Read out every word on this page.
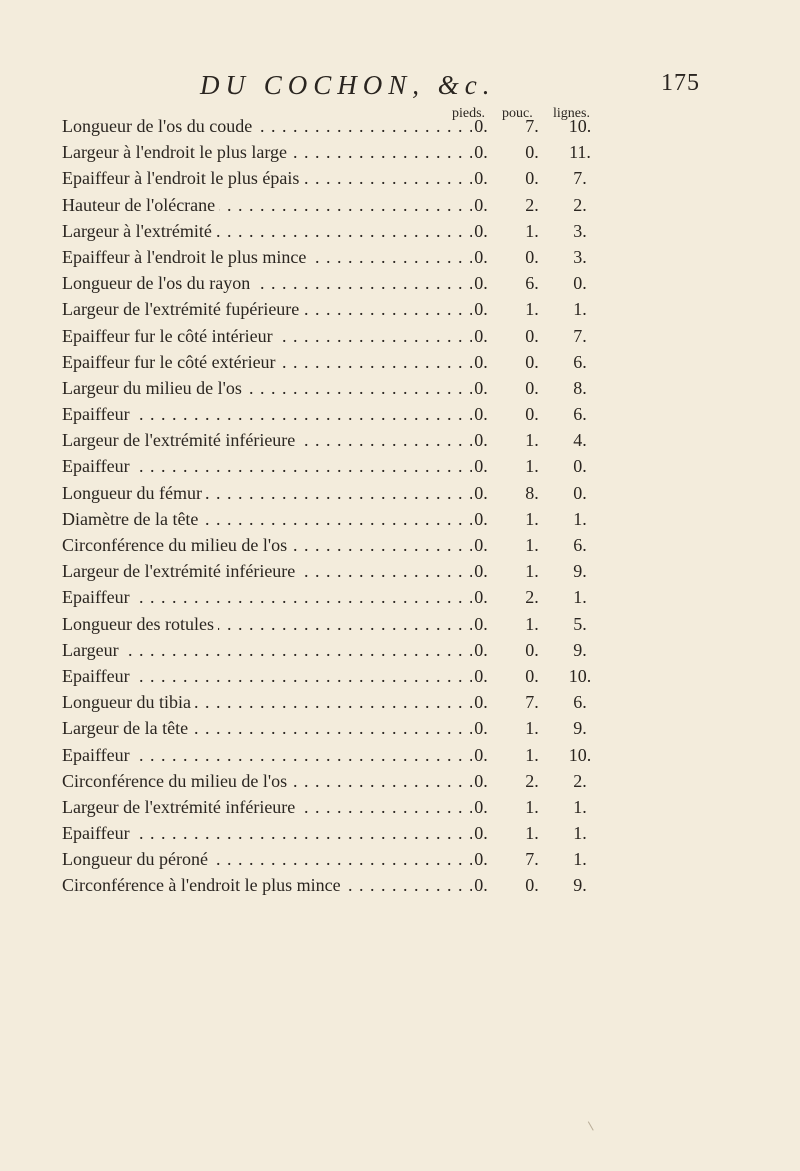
DU COCHON, &c.	175
pieds. pouc. lignes.
Longueur de l'os du coude . . .	0.	7.	10.
Largeur à l'endroit le plus large . . .	0.	0.	11.
Epaiffeur à l'endroit le plus épais . . .	0.	0.	7.
Hauteur de l'olécrane . . .	0.	2.	2.
Largeur à l'extrémité . . .	0.	1.	3.
Epaiffeur à l'endroit le plus mince . . .	0.	0.	3.
Longueur de l'os du rayon . . .	0.	6.	0.
Largeur de l'extrémité fupérieure . . .	0.	1.	1.
Epaiffeur fur le côté intérieur . . .	0.	0.	7.
Epaiffeur fur le côté extérieur . . .	0.	0.	6.
Largeur du milieu de l'os . . .	0.	0.	8.
Epaiffeur . . .	0.	0.	6.
Largeur de l'extrémité inférieure . . .	0.	1.	4.
Epaiffeur . . .	0.	1.	0.
Longueur du fémur . . .	0.	8.	0.
Diamètre de la tête . . .	0.	1.	1.
Circonférence du milieu de l'os . . .	0.	1.	6.
Largeur de l'extrémité inférieure . . .	0.	1.	9.
Epaiffeur . . .	0.	2.	1.
Longueur des rotules . . .	0.	1.	5.
Largeur . . .	0.	0.	9.
Epaiffeur . . .	0.	0.	10.
Longueur du tibia . . .	0.	7.	6.
Largeur de la tête . . .	0.	1.	9.
Epaiffeur . . .	0.	1.	10.
Circonférence du milieu de l'os . . .	0.	2.	2.
Largeur de l'extrémité inférieure . . .	0.	1.	1.
Epaiffeur . . .	0.	1.	1.
Longueur du péroné . . .	0.	7.	1.
Circonférence à l'endroit le plus mince . . .	0.	0.	9.
